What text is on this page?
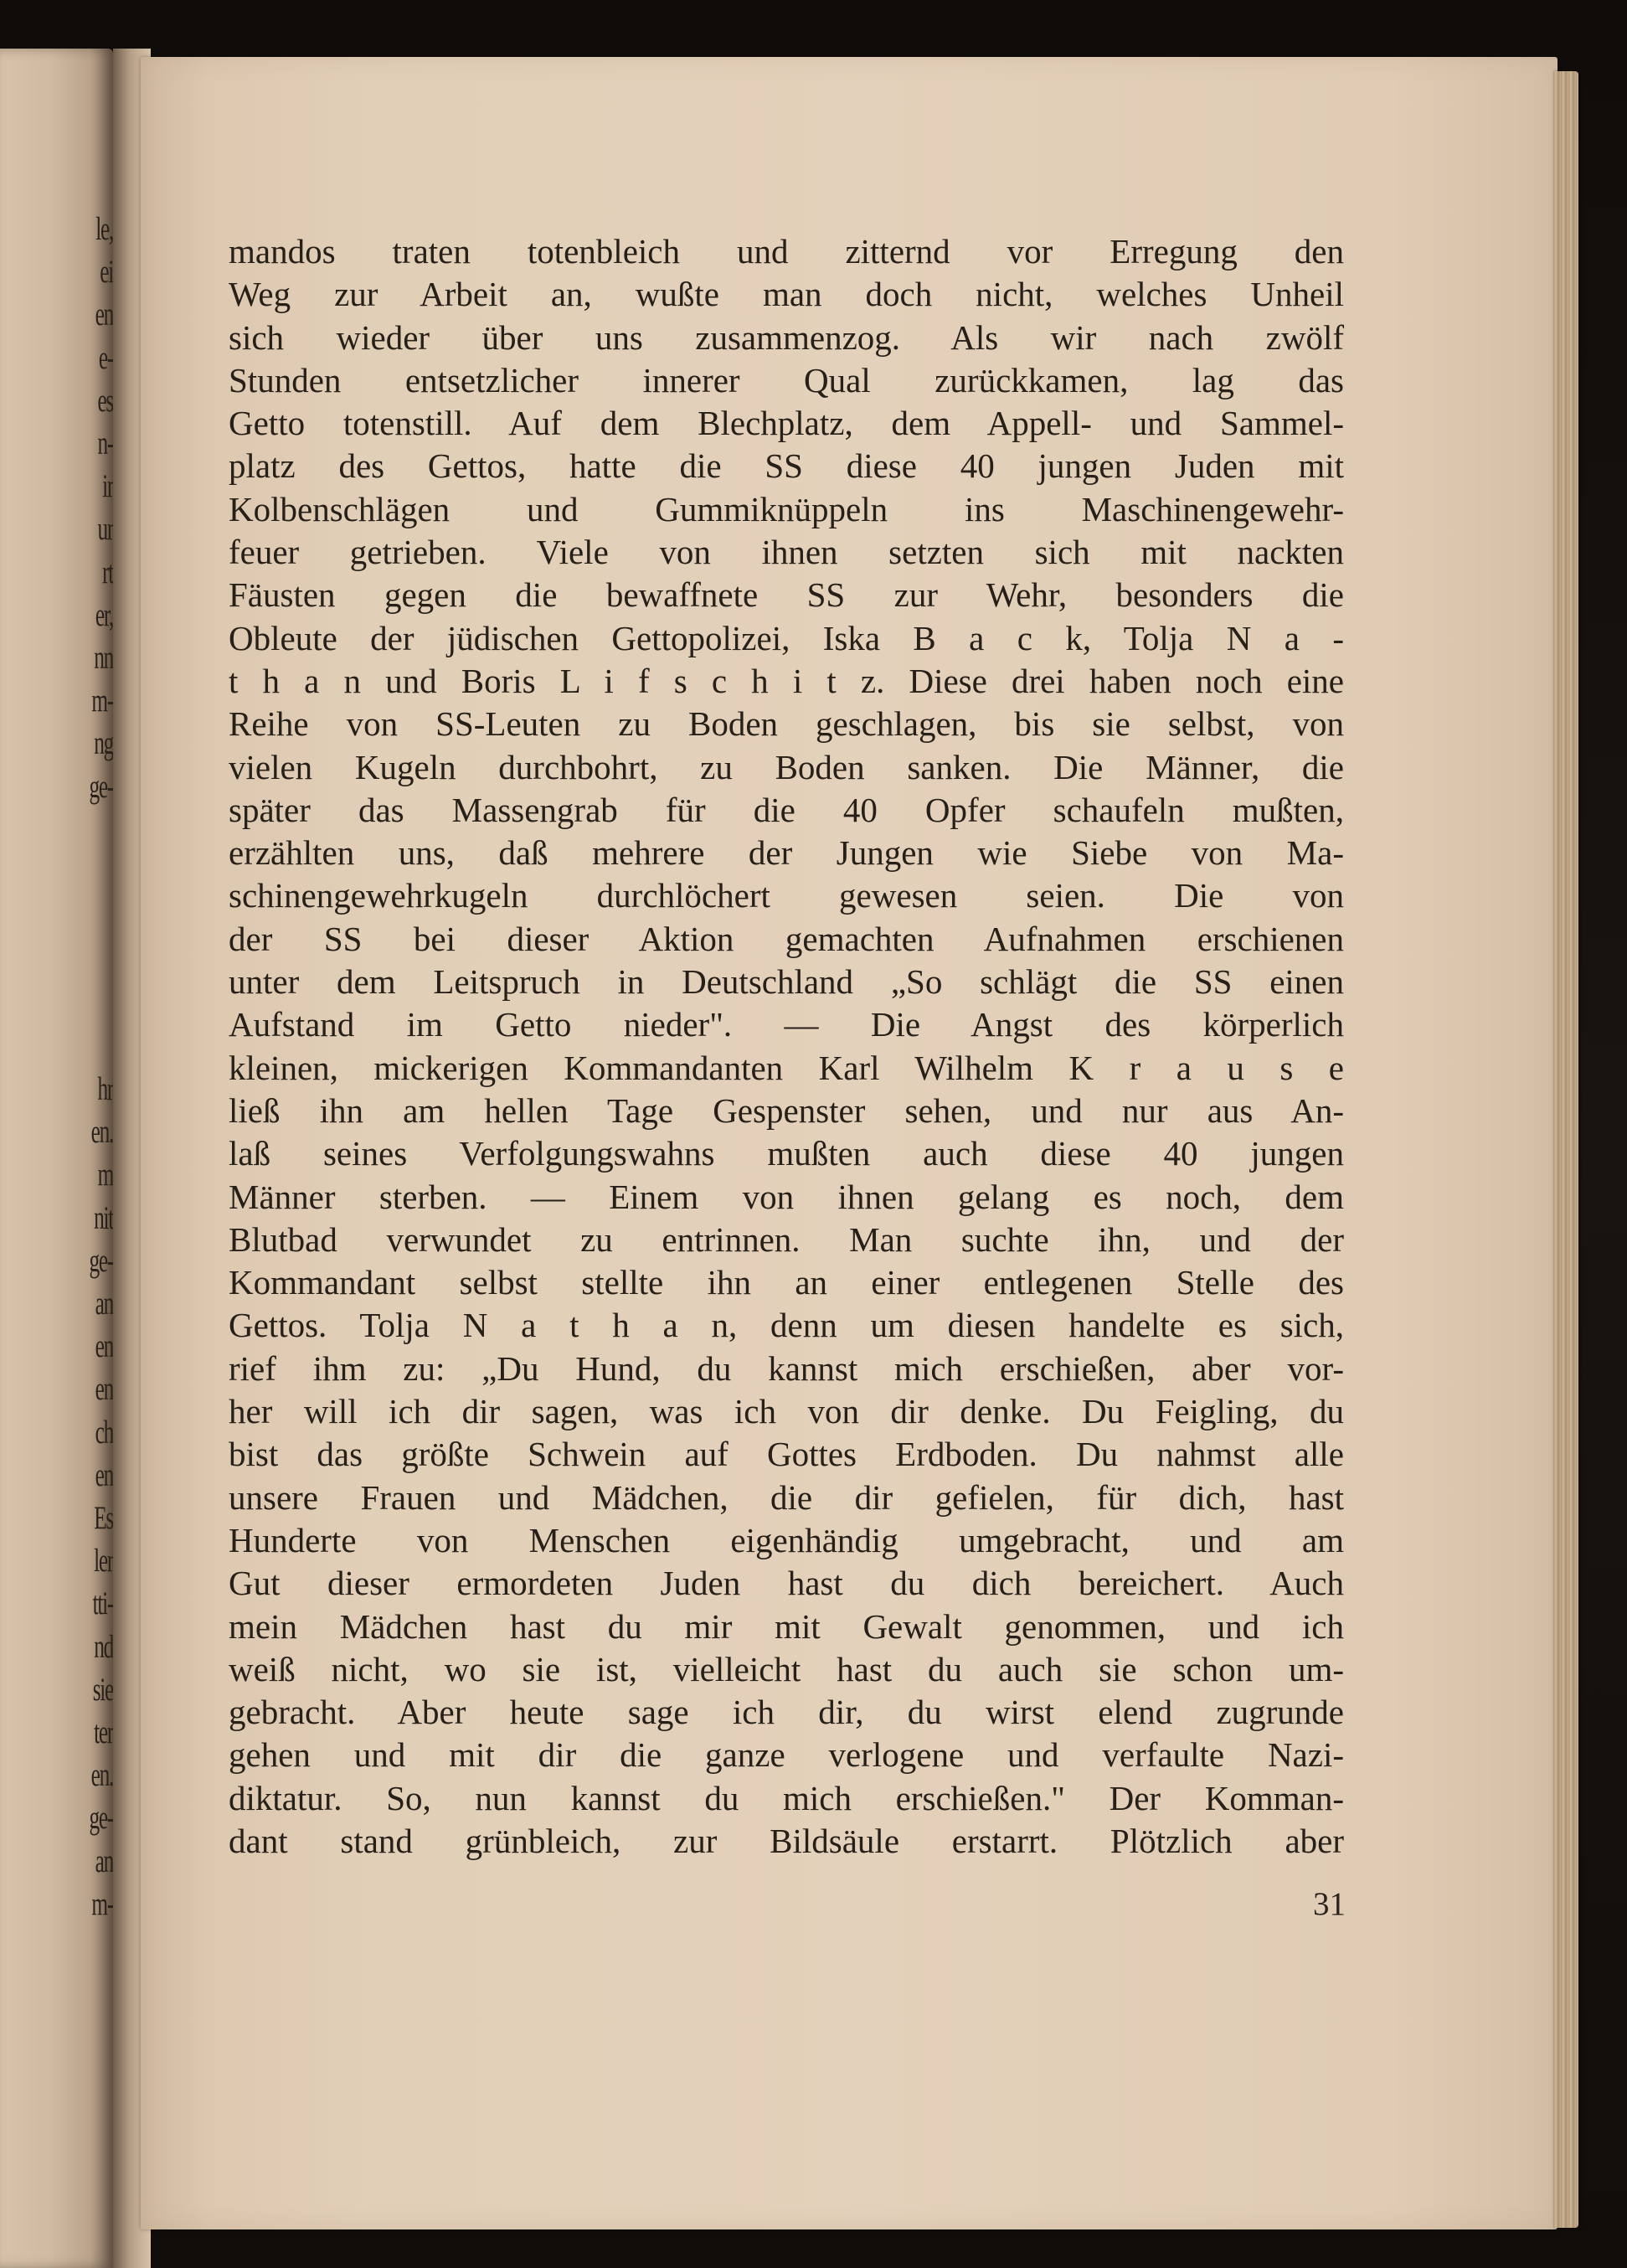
le,
ei
en
e-
es
n-
ir
ur
rt
er,
nn
m-
ng
ge-
hr
en.
m
nit
ge-
an
en
en
ch
en
Es
ler
tti-
nd
sie
ter
en.
ge-
an
m-
mandos traten totenbleich und zitternd vor Erregung den
Weg zur Arbeit an, wußte man doch nicht, welches Unheil
sich wieder über uns zusammenzog. Als wir nach zwölf
Stunden entsetzlicher innerer Qual zurückkamen, lag das
Getto totenstill. Auf dem Blechplatz, dem Appell- und Sammel-
platz des Gettos, hatte die SS diese 40 jungen Juden mit
Kolbenschlägen und Gummiknüppeln ins Maschinengewehr-
feuer getrieben. Viele von ihnen setzten sich mit nackten
Fäusten gegen die bewaffnete SS zur Wehr, besonders die
Obleute der jüdischen Gettopolizei, Iska B a c k, Tolja N a -
t h a n und Boris L i f s c h i t z. Diese drei haben noch eine
Reihe von SS-Leuten zu Boden geschlagen, bis sie selbst, von
vielen Kugeln durchbohrt, zu Boden sanken. Die Männer, die
später das Massengrab für die 40 Opfer schaufeln mußten,
erzählten uns, daß mehrere der Jungen wie Siebe von Ma-
schinengewehrkugeln durchlöchert gewesen seien. Die von
der SS bei dieser Aktion gemachten Aufnahmen erschienen
unter dem Leitspruch in Deutschland „So schlägt die SS einen
Aufstand im Getto nieder". — Die Angst des körperlich
kleinen, mickerigen Kommandanten Karl Wilhelm K r a u s e
ließ ihn am hellen Tage Gespenster sehen, und nur aus An-
laß seines Verfolgungswahns mußten auch diese 40 jungen
Männer sterben. — Einem von ihnen gelang es noch, dem
Blutbad verwundet zu entrinnen. Man suchte ihn, und der
Kommandant selbst stellte ihn an einer entlegenen Stelle des
Gettos. Tolja N a t h a n, denn um diesen handelte es sich,
rief ihm zu: „Du Hund, du kannst mich erschießen, aber vor-
her will ich dir sagen, was ich von dir denke. Du Feigling, du
bist das größte Schwein auf Gottes Erdboden. Du nahmst alle
unsere Frauen und Mädchen, die dir gefielen, für dich, hast
Hunderte von Menschen eigenhändig umgebracht, und am
Gut dieser ermordeten Juden hast du dich bereichert. Auch
mein Mädchen hast du mir mit Gewalt genommen, und ich
weiß nicht, wo sie ist, vielleicht hast du auch sie schon um-
gebracht. Aber heute sage ich dir, du wirst elend zugrunde
gehen und mit dir die ganze verlogene und verfaulte Nazi-
diktatur. So, nun kannst du mich erschießen." Der Komman-
dant stand grünbleich, zur Bildsäule erstarrt. Plötzlich aber
31
